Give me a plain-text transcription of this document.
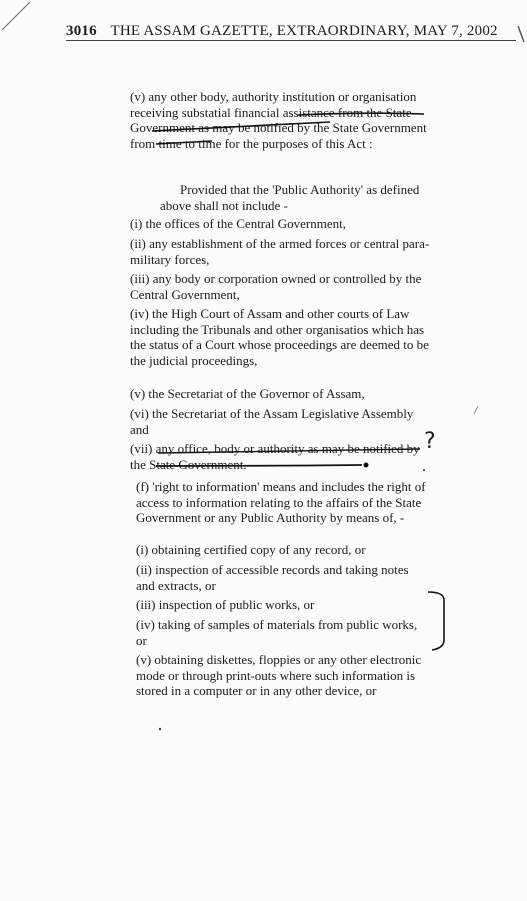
3016 THE ASSAM GAZETTE, EXTRAORDINARY, MAY 7, 2002

(v) any other body, authority institution or organisation receiving substatial financial assistance from the State Government as may be notified by the State Government from time to time for the purposes of this Act :

Provided that the 'Public Authority' as defined above shall not include -

(i) the offices of the Central Government,

(ii) any establishment of the armed forces or central para-military forces,

(iii) any body or corporation owned or controlled by the Central Government,

(iv) the High Court of Assam and other courts of Law including the Tribunals and other organisatios which has the status of a Court whose proceedings are deemed to be the judicial proceedings,

(v) the Secretariat of the Governor of Assam,

(vi) the Secretariat of the Assam Legislative Assembly and

(vii) any office, body or authority as may be notified by the State Government.

(f) 'right to information' means and includes the right of access to information relating to the affairs of the State Government or any Public Authority by means of, -

(i) obtaining certified copy of any record, or

(ii) inspection of accessible records and taking notes and extracts, or

(iii) inspection of public works, or

(iv) taking of samples of materials from public works, or

(v) obtaining diskettes, floppies or any other electronic mode or through print-outs where such information is stored in a computer or in any other device, or

?
